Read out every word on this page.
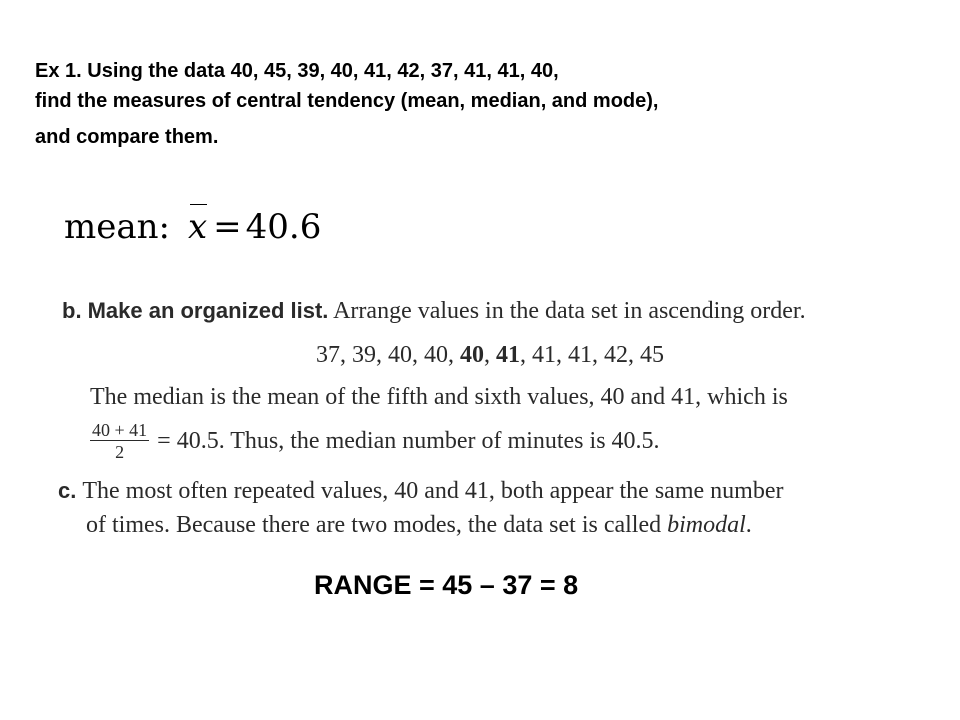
Ex 1. Using the data 40, 45, 39, 40, 41, 42, 37, 41, 41, 40,
find the measures of central tendency (mean, median, and mode),
and compare them.
mean: x = 40.6
b. Make an organized list. Arrange values in the data set in ascending order.
37, 39, 40, 40, 40, 41, 41, 41, 42, 45
The median is the mean of the fifth and sixth values, 40 and 41, which is
$\frac{40 + 41}{2} = 40.5$. Thus, the median number of minutes is 40.5.
c. The most often repeated values, 40 and 41, both appear the same number
of times. Because there are two modes, the data set is called bimodal.
RANGE = 45 – 37 = 8
